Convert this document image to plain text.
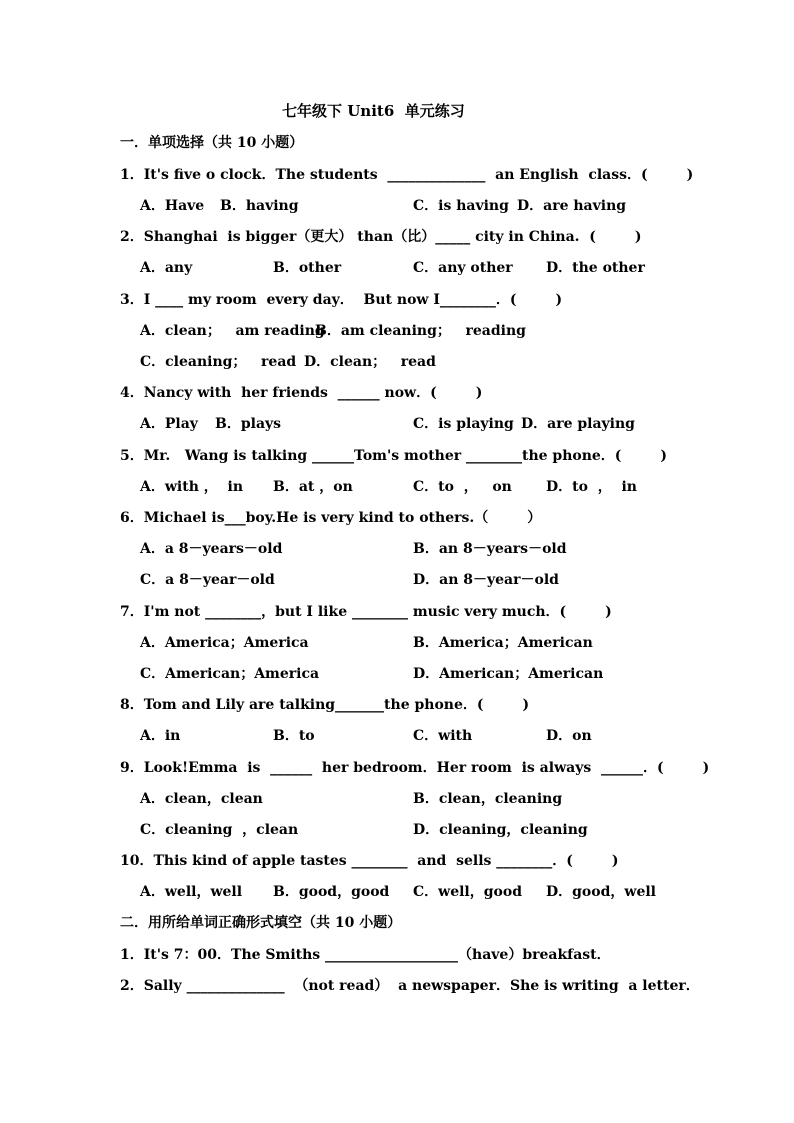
七年级下 Unit6  单元练习
一．单项选择（共 10 小题）
1．It's five o clock．The students  ______________  an English  class．(        )
A．Have B．having	C．is having D．are having
2．Shanghai  is bigger（更大） than（比）_____ city in China.  (        )
A．any	B．other	C．any other D．the other
3．I ____ my room  every day．  But now I________．(        )
A．clean；   am reading
B．am cleaning；   reading
C．cleaning；   read D．clean；   read
4．Nancy with  her friends  ______ now．(        )
A．Play B．plays	C．is playing D．are playing
5．Mr.   Wang is talking ______Tom's mother ________the phone．(        )
A．with ，  in B．at ，on	C．to  ，   on D．to  ，  in
6．Michael is___boy.He is very kind to others.（        ）
A．a 8－years－old	B．an 8－years－old
C．a 8－year－old	D．an 8－year－old
7．I'm not ________，but I like ________ music very much．(        )
A．America；America	B．America；American
C．American；America	D．American；American
8．Tom and Lily are talking_______the phone．(        )
A．in	B．to	C．with	D．on
9．Look!Emma  is  ______  her bedroom．Her room  is always  ______．(        )
A．clean，clean	B．clean，cleaning
C．cleaning  ，clean	D．cleaning，cleaning
10．This kind of apple tastes ________  and  sells ________．(        )
A．well，well B．good，good C．well，good D．good，well
二．用所给单词正确形式填空（共 10 小题）
1．It's 7：00．The Smiths ___________________（have）breakfast．
2．Sally ______________  （not read）  a newspaper．She is writing  a letter．
